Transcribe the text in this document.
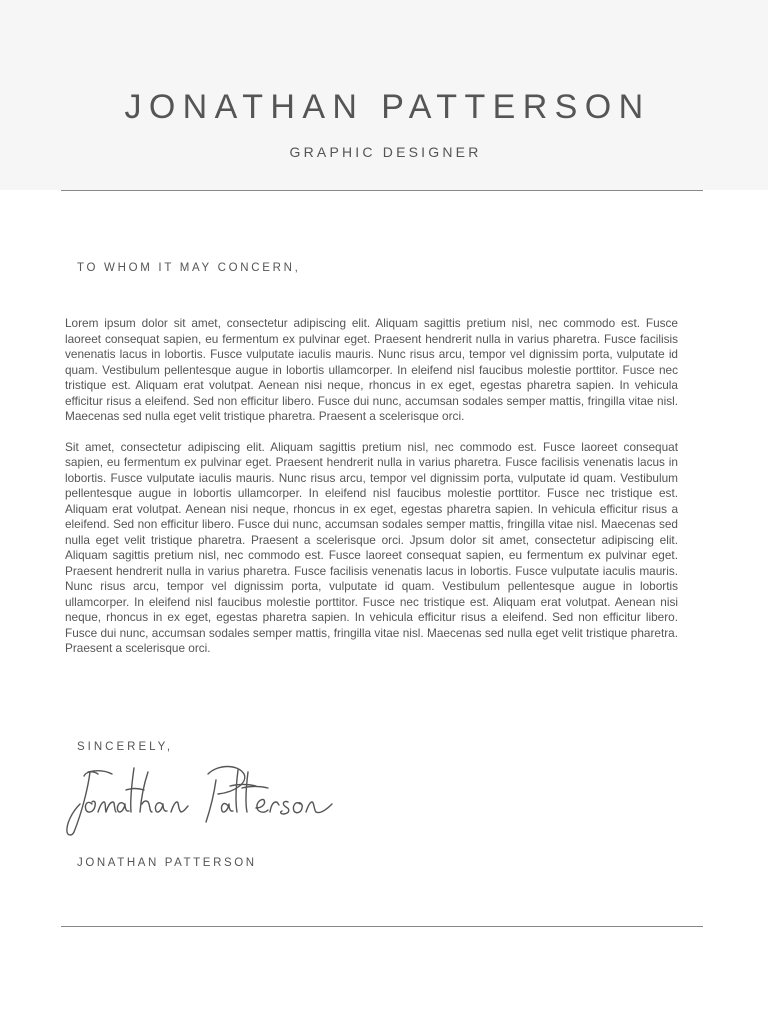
JONATHAN PATTERSON
GRAPHIC DESIGNER
TO WHOM IT MAY CONCERN,

Lorem ipsum dolor sit amet, consectetur adipiscing elit. Aliquam sagittis pretium nisl, nec commodo est. Fusce laoreet consequat sapien, eu fermentum ex pulvinar eget. Praesent hendrerit nulla in varius pharetra. Fusce facilisis venenatis lacus in lobortis. Fusce vulputate iaculis mauris. Nunc risus arcu, tempor vel dignissim porta, vulputate id quam. Vestibulum pellentesque augue in lobortis ullamcorper. In eleifend nisl faucibus molestie porttitor. Fusce nec tristique est. Aliquam erat volutpat. Aenean nisi neque, rhoncus in ex eget, egestas pharetra sapien. In vehicula efficitur risus a eleifend. Sed non efficitur libero. Fusce dui nunc, accumsan sodales semper mattis, fringilla vitae nisl. Maecenas sed nulla eget velit tristique pharetra. Praesent a scelerisque orci.

Sit amet, consectetur adipiscing elit. Aliquam sagittis pretium nisl, nec commodo est. Fusce laoreet consequat sapien, eu fermentum ex pulvinar eget. Praesent hendrerit nulla in varius pharetra. Fusce facilisis venenatis lacus in lobortis. Fusce vulputate iaculis mauris. Nunc risus arcu, tempor vel dignissim porta, vulputate id quam. Vestibulum pellentesque augue in lobortis ullamcorper. In eleifend nisl faucibus molestie porttitor. Fusce nec tristique est. Aliquam erat volutpat. Aenean nisi neque, rhoncus in ex eget, egestas pharetra sapien. In vehicula efficitur risus a eleifend. Sed non efficitur libero. Fusce dui nunc, accumsan sodales semper mattis, fringilla vitae nisl. Maecenas sed nulla eget velit tristique pharetra. Praesent a scelerisque orci. Jpsum dolor sit amet, consectetur adipiscing elit. Aliquam sagittis pretium nisl, nec commodo est. Fusce laoreet consequat sapien, eu fermentum ex pulvinar eget. Praesent hendrerit nulla in varius pharetra. Fusce facilisis venenatis lacus in lobortis. Fusce vulputate iaculis mauris. Nunc risus arcu, tempor vel dignissim porta, vulputate id quam. Vestibulum pellentesque augue in lobortis ullamcorper. In eleifend nisl faucibus molestie porttitor. Fusce nec tristique est. Aliquam erat volutpat. Aenean nisi neque, rhoncus in ex eget, egestas pharetra sapien. In vehicula efficitur risus a eleifend. Sed non efficitur libero. Fusce dui nunc, accumsan sodales semper mattis, fringilla vitae nisl. Maecenas sed nulla eget velit tristique pharetra. Praesent a scelerisque orci.

SINCERELY,
JONATHAN PATTERSON
